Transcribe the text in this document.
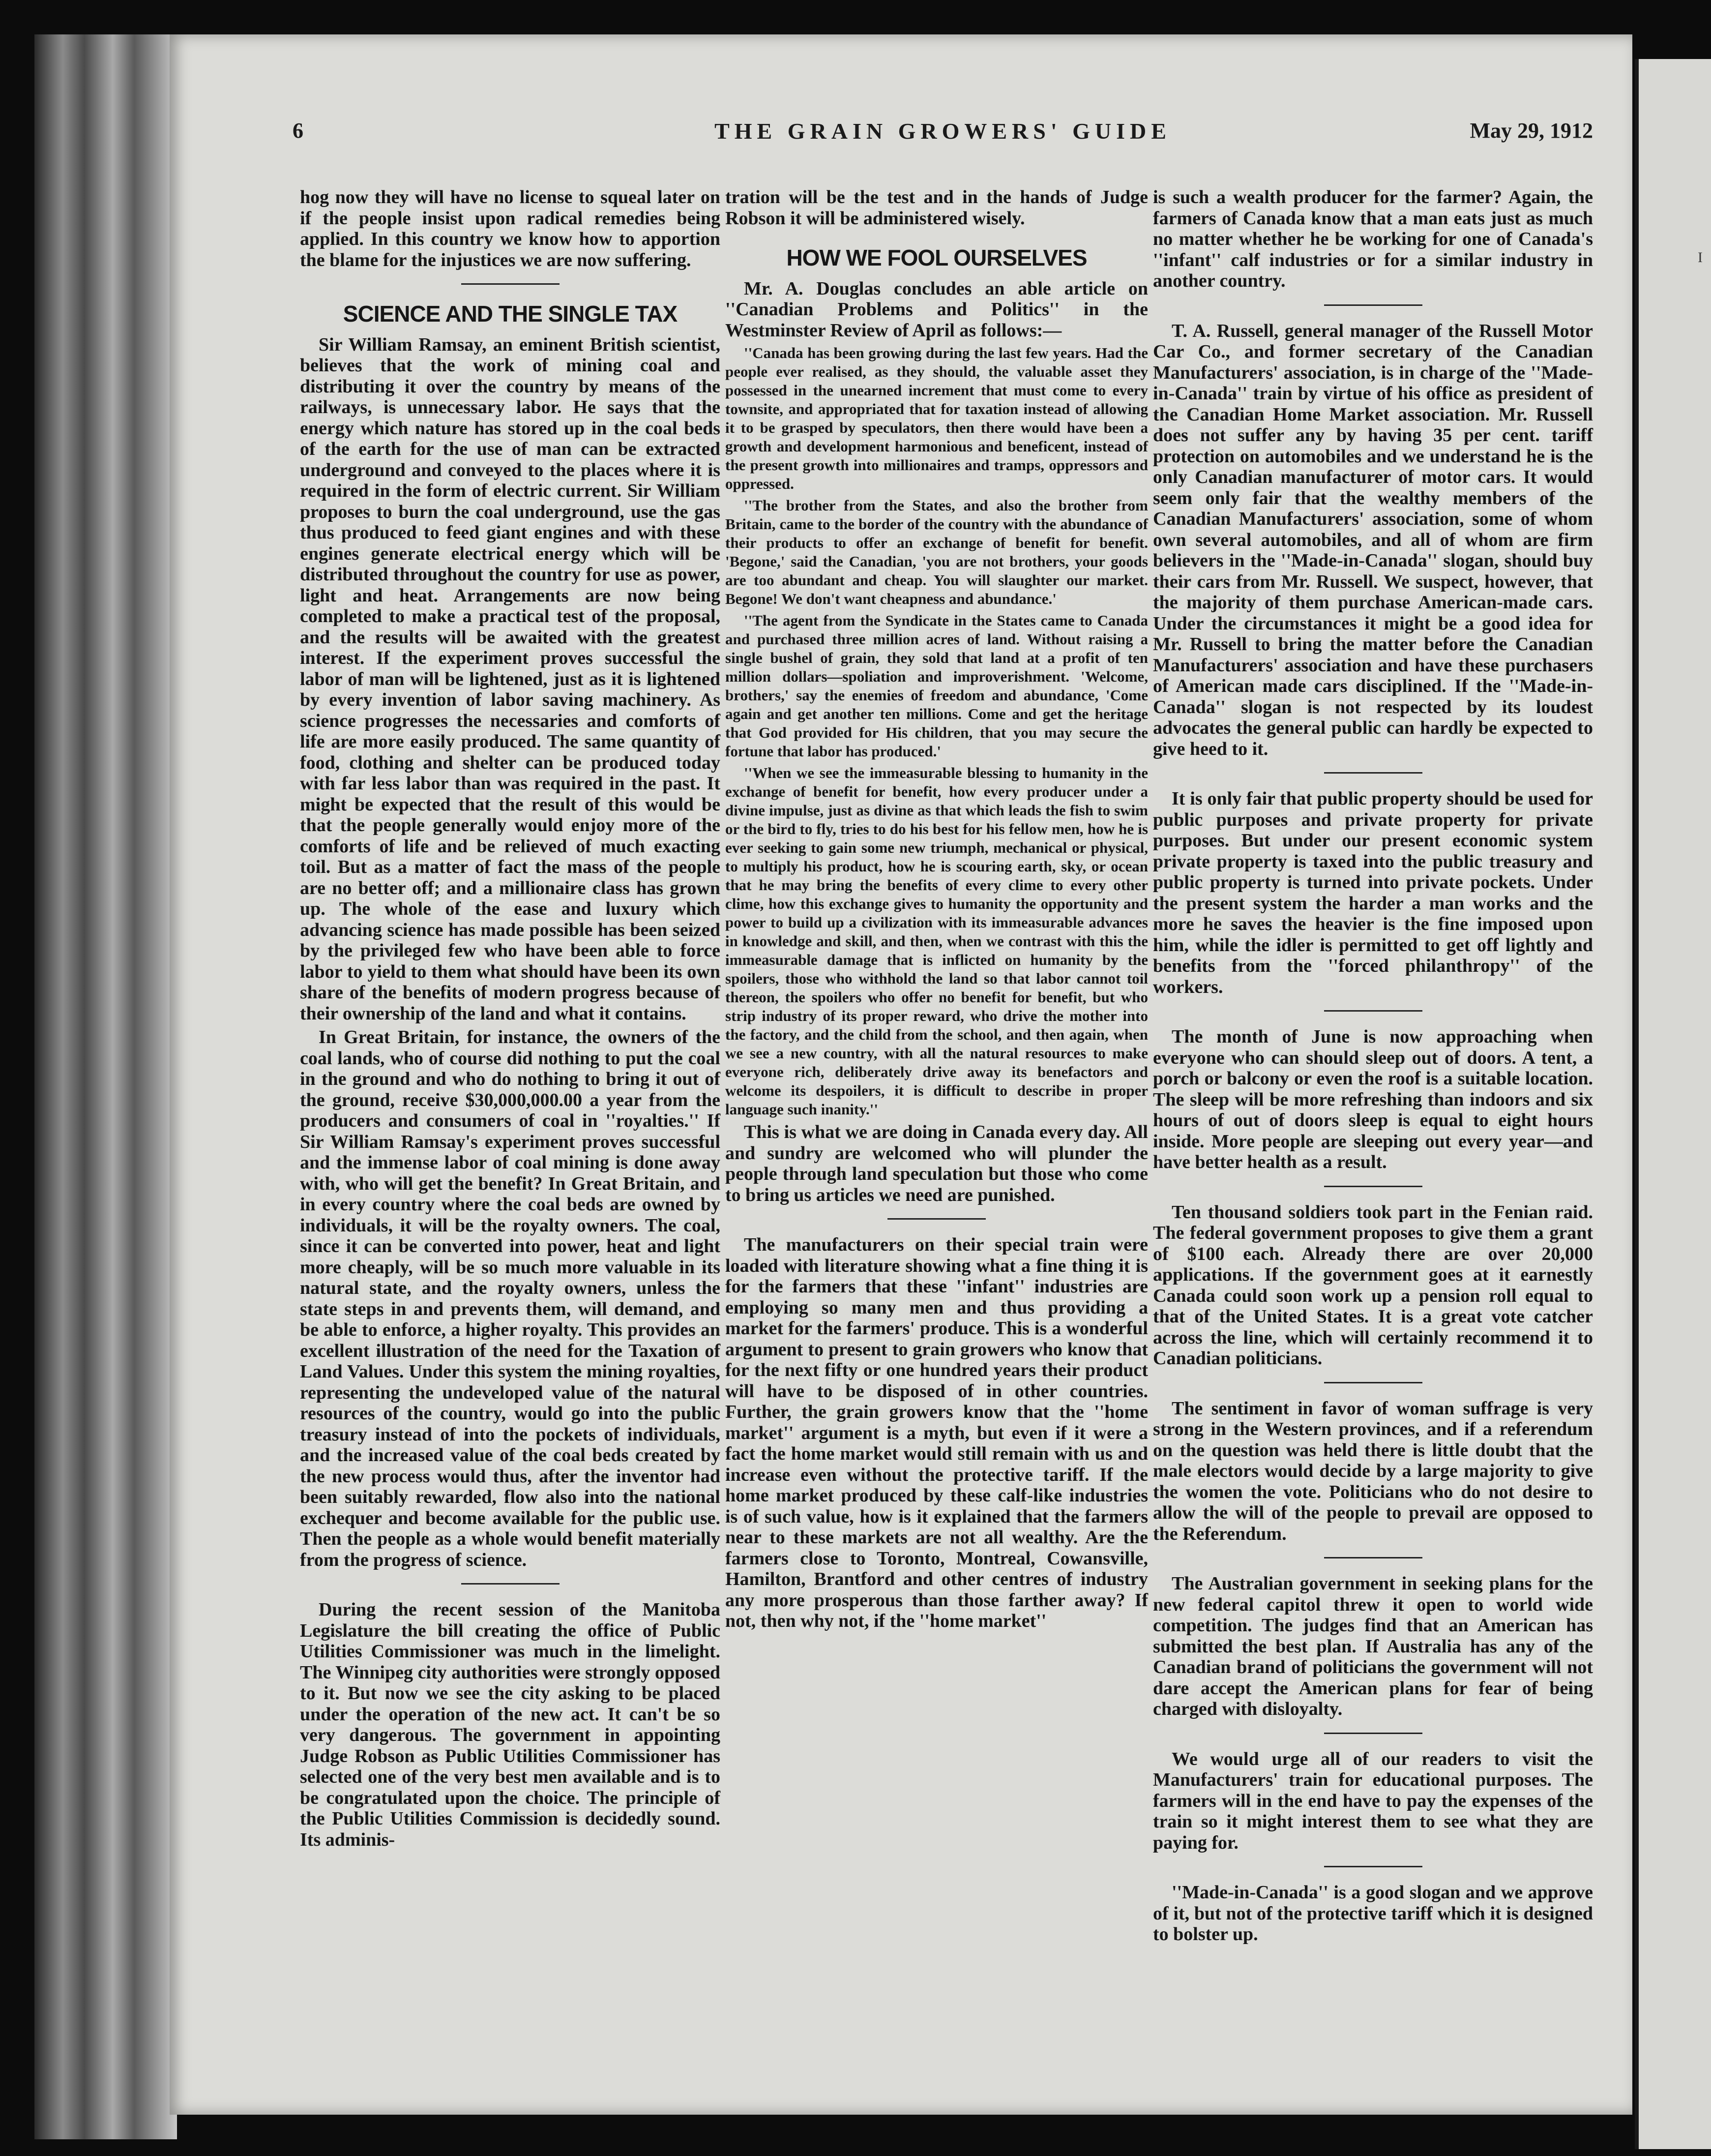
6	THE GRAIN GROWERS' GUIDE	May 29, 1912

hog now they will have no license to squeal later on if the people insist upon radical remedies being applied. In this country we know how to apportion the blame for the injustices we are now suffering.

SCIENCE AND THE SINGLE TAX

Sir William Ramsay, an eminent British scientist, believes that the work of mining coal and distributing it over the country by means of the railways, is unnecessary labor. He says that the energy which nature has stored up in the coal beds of the earth for the use of man can be extracted underground and conveyed to the places where it is required in the form of electric current. Sir William proposes to burn the coal underground, use the gas thus produced to feed giant engines and with these engines generate electrical energy which will be distributed throughout the country for use as power, light and heat. Arrangements are now being completed to make a practical test of the proposal, and the results will be awaited with the greatest interest. If the experiment proves successful the labor of man will be lightened, just as it is lightened by every invention of labor saving machinery. As science progresses the necessaries and comforts of life are more easily produced. The same quantity of food, clothing and shelter can be produced today with far less labor than was required in the past. It might be expected that the result of this would be that the people generally would enjoy more of the comforts of life and be relieved of much exacting toil. But as a matter of fact the mass of the people are no better off; and a millionaire class has grown up. The whole of the ease and luxury which advancing science has made possible has been seized by the privileged few who have been able to force labor to yield to them what should have been its own share of the benefits of modern progress because of their ownership of the land and what it contains.

In Great Britain, for instance, the owners of the coal lands, who of course did nothing to put the coal in the ground and who do nothing to bring it out of the ground, receive $30,000,000.00 a year from the producers and consumers of coal in ''royalties.'' If Sir William Ramsay's experiment proves successful and the immense labor of coal mining is done away with, who will get the benefit? In Great Britain, and in every country where the coal beds are owned by individuals, it will be the royalty owners. The coal, since it can be converted into power, heat and light more cheaply, will be so much more valuable in its natural state, and the royalty owners, unless the state steps in and prevents them, will demand, and be able to enforce, a higher royalty. This provides an excellent illustration of the need for the Taxation of Land Values. Under this system the mining royalties, representing the undeveloped value of the natural resources of the country, would go into the public treasury instead of into the pockets of individuals, and the increased value of the coal beds created by the new process would thus, after the inventor had been suitably rewarded, flow also into the national exchequer and become available for the public use. Then the people as a whole would benefit materially from the progress of science.

During the recent session of the Manitoba Legislature the bill creating the office of Public Utilities Commissioner was much in the limelight. The Winnipeg city authorities were strongly opposed to it. But now we see the city asking to be placed under the operation of the new act. It can't be so very dangerous. The government in appointing Judge Robson as Public Utilities Commissioner has selected one of the very best men available and is to be congratulated upon the choice. The principle of the Public Utilities Commission is decidedly sound. Its adminis-

tration will be the test and in the hands of Judge Robson it will be administered wisely.

HOW WE FOOL OURSELVES

Mr. A. Douglas concludes an able article on ''Canadian Problems and Politics'' in the Westminster Review of April as follows:—

''Canada has been growing during the last few years. Had the people ever realised, as they should, the valuable asset they possessed in the unearned increment that must come to every townsite, and appropriated that for taxation instead of allowing it to be grasped by speculators, then there would have been a growth and development harmonious and beneficent, instead of the present growth into millionaires and tramps, oppressors and oppressed.

''The brother from the States, and also the brother from Britain, came to the border of the country with the abundance of their products to offer an exchange of benefit for benefit. 'Begone,' said the Canadian, 'you are not brothers, your goods are too abundant and cheap. You will slaughter our market. Begone! We don't want cheapness and abundance.'

''The agent from the Syndicate in the States came to Canada and purchased three million acres of land. Without raising a single bushel of grain, they sold that land at a profit of ten million dollars—spoliation and improverishment. 'Welcome, brothers,' say the enemies of freedom and abundance, 'Come again and get another ten millions. Come and get the heritage that God provided for His children, that you may secure the fortune that labor has produced.'

''When we see the immeasurable blessing to humanity in the exchange of benefit for benefit, how every producer under a divine impulse, just as divine as that which leads the fish to swim or the bird to fly, tries to do his best for his fellow men, how he is ever seeking to gain some new triumph, mechanical or physical, to multiply his product, how he is scouring earth, sky, or ocean that he may bring the benefits of every clime to every other clime, how this exchange gives to humanity the opportunity and power to build up a civilization with its immeasurable advances in knowledge and skill, and then, when we contrast with this the immeasurable damage that is inflicted on humanity by the spoilers, those who withhold the land so that labor cannot toil thereon, the spoilers who offer no benefit for benefit, but who strip industry of its proper reward, who drive the mother into the factory, and the child from the school, and then again, when we see a new country, with all the natural resources to make everyone rich, deliberately drive away its benefactors and welcome its despoilers, it is difficult to describe in proper language such inanity.''

This is what we are doing in Canada every day. All and sundry are welcomed who will plunder the people through land speculation but those who come to bring us articles we need are punished.

The manufacturers on their special train were loaded with literature showing what a fine thing it is for the farmers that these ''infant'' industries are employing so many men and thus providing a market for the farmers' produce. This is a wonderful argument to present to grain growers who know that for the next fifty or one hundred years their product will have to be disposed of in other countries. Further, the grain growers know that the ''home market'' argument is a myth, but even if it were a fact the home market would still remain with us and increase even without the protective tariff. If the home market produced by these calf-like industries is of such value, how is it explained that the farmers near to these markets are not all wealthy. Are the farmers close to Toronto, Montreal, Cowansville, Hamilton, Brantford and other centres of industry any more prosperous than those farther away? If not, then why not, if the ''home market''

is such a wealth producer for the farmer? Again, the farmers of Canada know that a man eats just as much no matter whether he be working for one of Canada's ''infant'' calf industries or for a similar industry in another country.

T. A. Russell, general manager of the Russell Motor Car Co., and former secretary of the Canadian Manufacturers' association, is in charge of the ''Made-in-Canada'' train by virtue of his office as president of the Canadian Home Market association. Mr. Russell does not suffer any by having 35 per cent. tariff protection on automobiles and we understand he is the only Canadian manufacturer of motor cars. It would seem only fair that the wealthy members of the Canadian Manufacturers' association, some of whom own several automobiles, and all of whom are firm believers in the ''Made-in-Canada'' slogan, should buy their cars from Mr. Russell. We suspect, however, that the majority of them purchase American-made cars. Under the circumstances it might be a good idea for Mr. Russell to bring the matter before the Canadian Manufacturers' association and have these purchasers of American made cars disciplined. If the ''Made-in-Canada'' slogan is not respected by its loudest advocates the general public can hardly be expected to give heed to it.

It is only fair that public property should be used for public purposes and private property for private purposes. But under our present economic system private property is taxed into the public treasury and public property is turned into private pockets. Under the present system the harder a man works and the more he saves the heavier is the fine imposed upon him, while the idler is permitted to get off lightly and benefits from the ''forced philanthropy'' of the workers.

The month of June is now approaching when everyone who can should sleep out of doors. A tent, a porch or balcony or even the roof is a suitable location. The sleep will be more refreshing than indoors and six hours of out of doors sleep is equal to eight hours inside. More people are sleeping out every year—and have better health as a result.

Ten thousand soldiers took part in the Fenian raid. The federal government proposes to give them a grant of $100 each. Already there are over 20,000 applications. If the government goes at it earnestly Canada could soon work up a pension roll equal to that of the United States. It is a great vote catcher across the line, which will certainly recommend it to Canadian politicians.

The sentiment in favor of woman suffrage is very strong in the Western provinces, and if a referendum on the question was held there is little doubt that the male electors would decide by a large majority to give the women the vote. Politicians who do not desire to allow the will of the people to prevail are opposed to the Referendum.

The Australian government in seeking plans for the new federal capitol threw it open to world wide competition. The judges find that an American has submitted the best plan. If Australia has any of the Canadian brand of politicians the government will not dare accept the American plans for fear of being charged with disloyalty.

We would urge all of our readers to visit the Manufacturers' train for educational purposes. The farmers will in the end have to pay the expenses of the train so it might interest them to see what they are paying for.

''Made-in-Canada'' is a good slogan and we approve of it, but not of the protective tariff which it is designed to bolster up.

I
